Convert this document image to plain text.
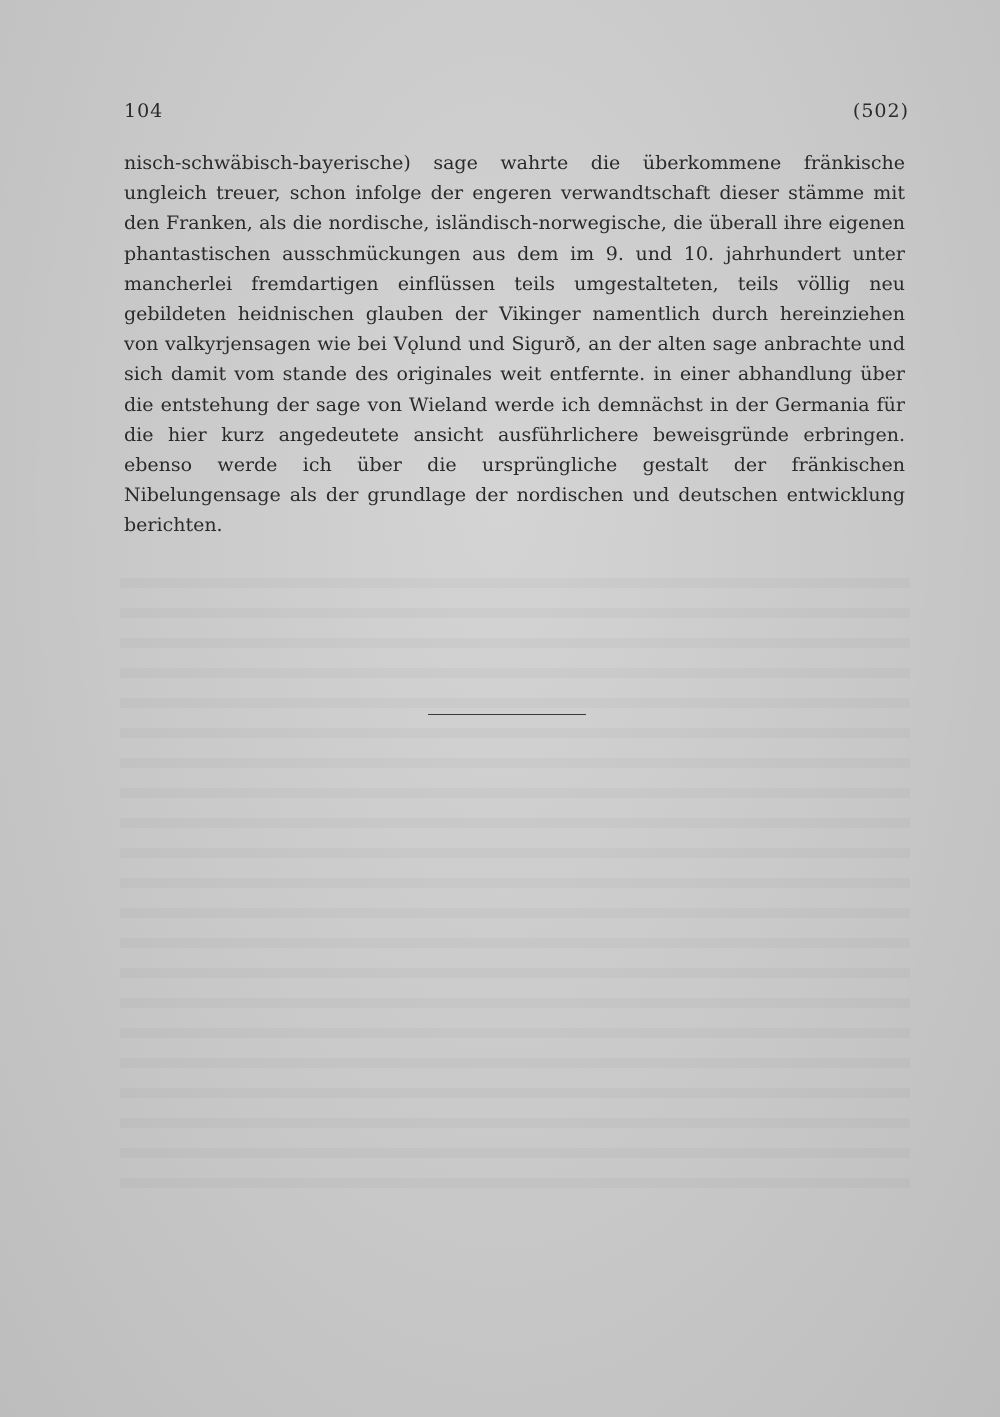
104	(502)

nisch-schwäbisch-bayerische) sage wahrte die überkommene fränkische ungleich treuer, schon infolge der engeren verwandtschaft dieser stämme mit den Franken, als die nordische, isländisch-norwegische, die überall ihre eigenen phantastischen ausschmückungen aus dem im 9. und 10. jahrhundert unter mancherlei fremdartigen einflüssen teils umgestalteten, teils völlig neu gebildeten heidnischen glauben der Vikinger namentlich durch hereinziehen von valkyrjensagen wie bei Vǫlund und Sigurð, an der alten sage anbrachte und sich damit vom stande des originales weit entfernte. in einer abhandlung über die entstehung der sage von Wieland werde ich demnächst in der Germania für die hier kurz angedeutete ansicht ausführlichere beweisgründe erbringen. ebenso werde ich über die ursprüngliche gestalt der fränkischen Nibelungensage als der grundlage der nordischen und deutschen entwicklung berichten.
